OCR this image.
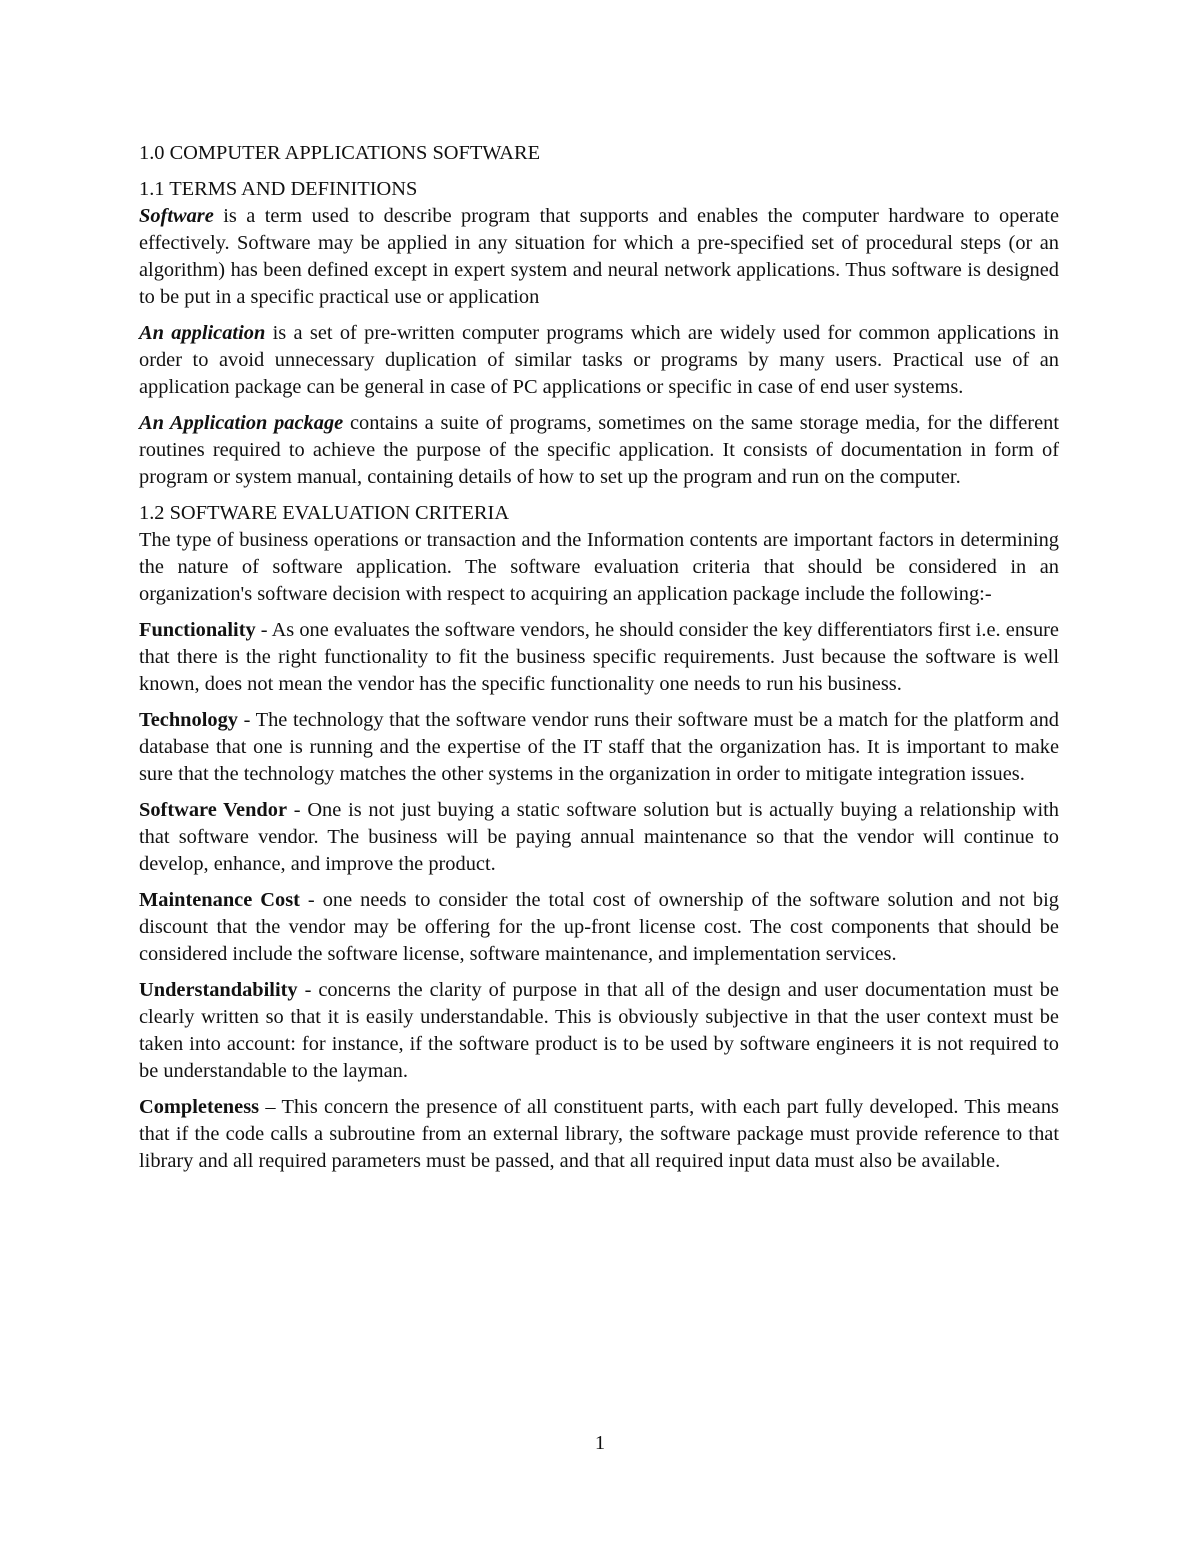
1.0 COMPUTER APPLICATIONS SOFTWARE
1.1 TERMS AND DEFINITIONS

Software is a term used to describe program that supports and enables the computer hardware to operate effectively. Software may be applied in any situation for which a pre-specified set of procedural steps (or an algorithm) has been defined except in expert system and neural network applications. Thus software is designed to be put in a specific practical use or application

An application is a set of pre-written computer programs which are widely used for common applications in order to avoid unnecessary duplication of similar tasks or programs by many users. Practical use of an application package can be general in case of PC applications or specific in case of end user systems.

An Application package contains a suite of programs, sometimes on the same storage media, for the different routines required to achieve the purpose of the specific application. It consists of documentation in form of program or system manual, containing details of how to set up the program and run on the computer.

1.2 SOFTWARE EVALUATION CRITERIA

The type of business operations or transaction and the Information contents are important factors in determining the nature of software application. The software evaluation criteria that should be considered in an organization's software decision with respect to acquiring an application package include the following:-

Functionality - As one evaluates the software vendors, he should consider the key differentiators first i.e. ensure that there is the right functionality to fit the business specific requirements. Just because the software is well known, does not mean the vendor has the specific functionality one needs to run his business.

Technology - The technology that the software vendor runs their software must be a match for the platform and database that one is running and the expertise of the IT staff that the organization has. It is important to make sure that the technology matches the other systems in the organization in order to mitigate integration issues.

Software Vendor - One is not just buying a static software solution but is actually buying a relationship with that software vendor. The business will be paying annual maintenance so that the vendor will continue to develop, enhance, and improve the product.

Maintenance Cost - one needs to consider the total cost of ownership of the software solution and not big discount that the vendor may be offering for the up-front license cost. The cost components that should be considered include the software license, software maintenance, and implementation services.

Understandability - concerns the clarity of purpose in that all of the design and user documentation must be clearly written so that it is easily understandable. This is obviously subjective in that the user context must be taken into account: for instance, if the software product is to be used by software engineers it is not required to be understandable to the layman.

Completeness – This concern the presence of all constituent parts, with each part fully developed. This means that if the code calls a subroutine from an external library, the software package must provide reference to that library and all required parameters must be passed, and that all required input data must also be available.

1
